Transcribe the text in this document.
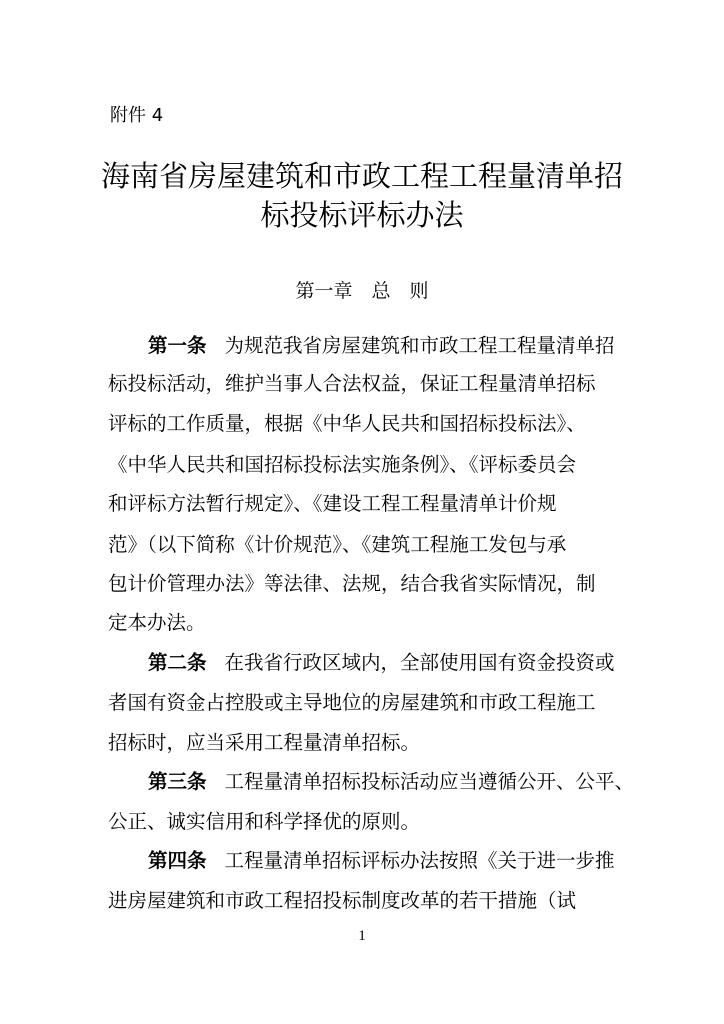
附件 4
海南省房屋建筑和市政工程工程量清单招
标投标评标办法
第一章　总　则
第一条 为规范我省房屋建筑和市政工程工程量清单招
标投标活动，维护当事人合法权益，保证工程量清单招标
评标的工作质量，根据《中华人民共和国招标投标法》、
《中华人民共和国招标投标法实施条例》、《评标委员会
和评标方法暂行规定》、《建设工程工程量清单计价规
范》（以下简称《计价规范》、《建筑工程施工发包与承
包计价管理办法》等法律、法规，结合我省实际情况，制
定本办法。
第二条 在我省行政区域内，全部使用国有资金投资或
者国有资金占控股或主导地位的房屋建筑和市政工程施工
招标时，应当采用工程量清单招标。
第三条 工程量清单招标投标活动应当遵循公开、公平、
公正、诚实信用和科学择优的原则。
第四条 工程量清单招标评标办法按照《关于进一步推
进房屋建筑和市政工程招投标制度改革的若干措施（试
1
